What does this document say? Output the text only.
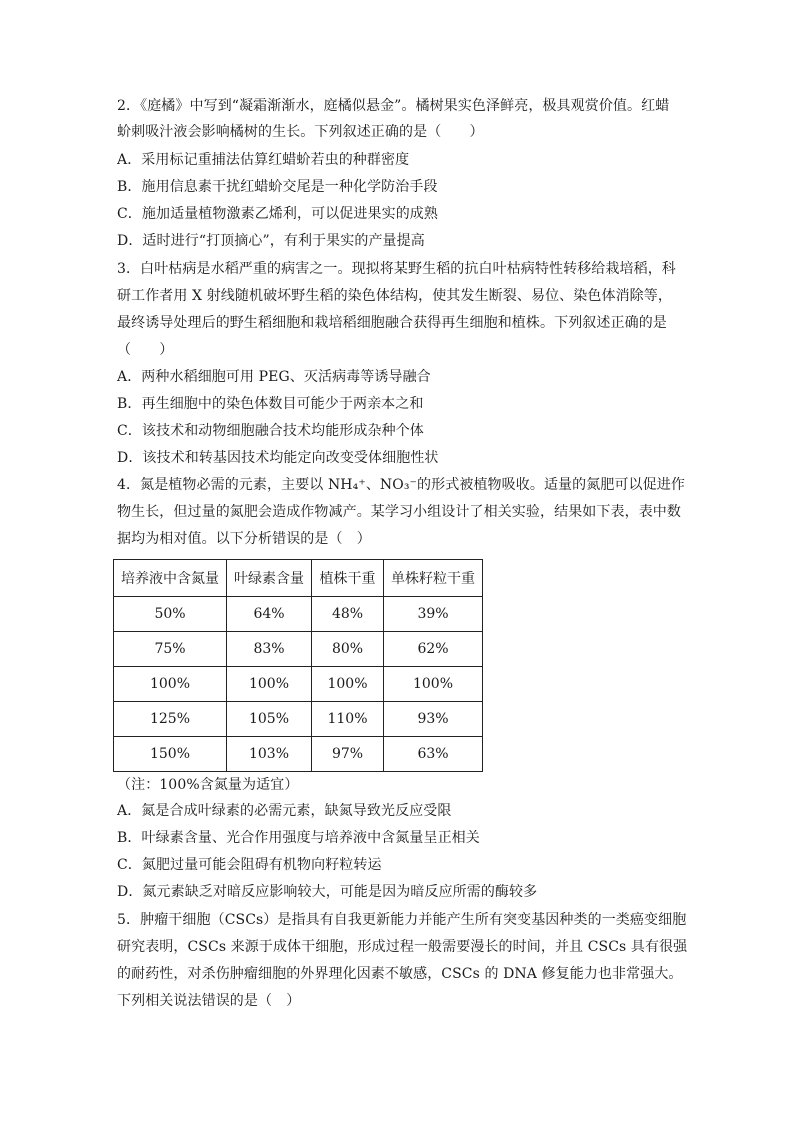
2．《庭橘》中写到“凝霜渐渐水，庭橘似悬金”。橘树果实色泽鲜亮，极具观赏价值。红蜡
蚧刺吸汁液会影响橘树的生长。下列叙述正确的是（　　）
A．采用标记重捕法估算红蜡蚧若虫的种群密度
B．施用信息素干扰红蜡蚧交尾是一种化学防治手段
C．施加适量植物激素乙烯利，可以促进果实的成熟
D．适时进行“打顶摘心”，有利于果实的产量提高
3．白叶枯病是水稻严重的病害之一。现拟将某野生稻的抗白叶枯病特性转移给栽培稻，科
研工作者用 X 射线随机破坏野生稻的染色体结构，使其发生断裂、易位、染色体消除等，
最终诱导处理后的野生稻细胞和栽培稻细胞融合获得再生细胞和植株。下列叙述正确的是
（　　）
A．两种水稻细胞可用 PEG、灭活病毒等诱导融合
B．再生细胞中的染色体数目可能少于两亲本之和
C．该技术和动物细胞融合技术均能形成杂种个体
D．该技术和转基因技术均能定向改变受体细胞性状
4．氮是植物必需的元素，主要以 NH₄⁺、NO₃⁻的形式被植物吸收。适量的氮肥可以促进作
物生长，但过量的氮肥会造成作物减产。某学习小组设计了相关实验，结果如下表，表中数
据均为相对值。以下分析错误的是（　）
培养液中含氮量	叶绿素含量	植株干重	单株籽粒干重
50%	64%	48%	39%
75%	83%	80%	62%
100%	100%	100%	100%
125%	105%	110%	93%
150%	103%	97%	63%
（注：100%含氮量为适宜）
A．氮是合成叶绿素的必需元素，缺氮导致光反应受限
B．叶绿素含量、光合作用强度与培养液中含氮量呈正相关
C．氮肥过量可能会阻碍有机物向籽粒转运
D．氮元素缺乏对暗反应影响较大，可能是因为暗反应所需的酶较多
5．肿瘤干细胞（CSCs）是指具有自我更新能力并能产生所有突变基因种类的一类癌变细胞
研究表明，CSCs 来源于成体干细胞，形成过程一般需要漫长的时间，并且 CSCs 具有很强
的耐药性，对杀伤肿瘤细胞的外界理化因素不敏感，CSCs 的 DNA 修复能力也非常强大。
下列相关说法错误的是（　）
